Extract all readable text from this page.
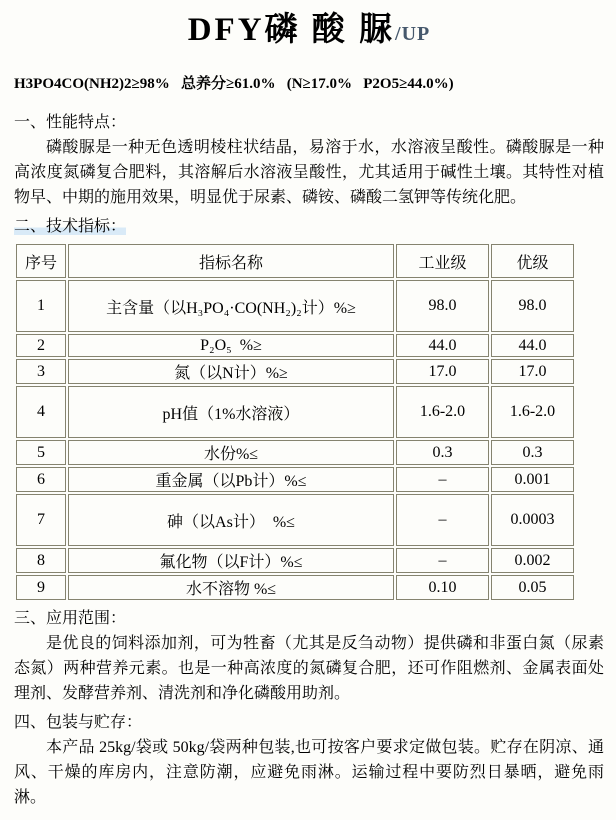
DFY磷 酸 脲/UP
H3PO4CO(NH2)2≥98%   总养分≥61.0%   (N≥17.0%   P2O5≥44.0%)
一、性能特点：

磷酸脲是一种无色透明棱柱状结晶，易溶于水，水溶液呈酸性。磷酸脲是一种高浓度氮磷复合肥料，其溶解后水溶液呈酸性，尤其适用于碱性土壤。其特性对植物早、中期的施用效果，明显优于尿素、磷铵、磷酸二氢钾等传统化肥。

二、技术指标：
序号	指标名称	工业级	优级
1	主含量（以H₃PO₄·CO(NH₂)₂计）%≥	98.0	98.0
2	P₂O₅  %≥	44.0	44.0
3	氮（以N计）%≥	17.0	17.0
4	pH值（1%水溶液）	1.6-2.0	1.6-2.0
5	水份%≤	0.3	0.3
6	重金属（以Pb计）%≤	–	0.001
7	砷（以As计）  %≤	–	0.0003
8	氟化物（以F计）%≤	–	0.002
9	水不溶物 %≤	0.10	0.05
三、应用范围：

是优良的饲料添加剂，可为牲畜（尤其是反刍动物）提供磷和非蛋白氮（尿素态氮）两种营养元素。也是一种高浓度的氮磷复合肥，还可作阻燃剂、金属表面处理剂、发酵营养剂、清洗剂和净化磷酸用助剂。

四、包装与贮存：

本产品 25kg/袋或 50kg/袋两种包装,也可按客户要求定做包装。贮存在阴凉、通风、干燥的库房内，注意防潮，应避免雨淋。运输过程中要防烈日暴晒，避免雨淋。
